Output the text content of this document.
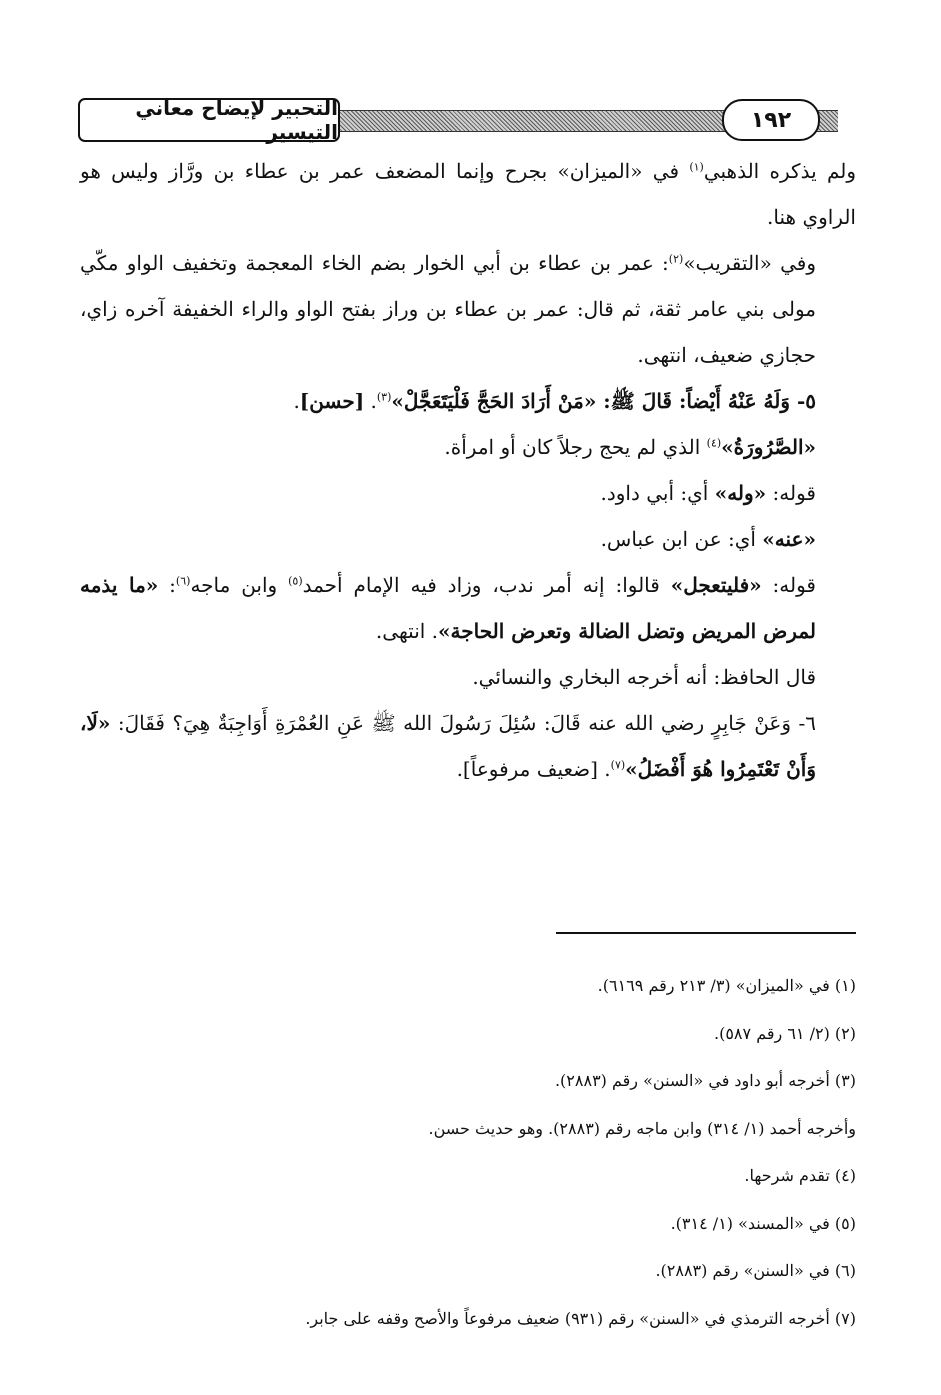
التحبير لإيضاح معاني التيسير	١٩٢

ولم يذكره الذهبي$^{(١)}$ في «الميزان» بجرح وإنما المضعف عمر بن عطاء بن ورَّاز وليس هو الراوي هنا.

وفي «التقريب»$^{(٢)}$: عمر بن عطاء بن أبي الخوار بضم الخاء المعجمة وتخفيف الواو مكّي مولى بني عامر ثقة، ثم قال: عمر بن عطاء بن وراز بفتح الواو والراء الخفيفة آخره زاي، حجازي ضعيف، انتهى.

٥- وَلَهُ عَنْهُ أَيْضاً: قَالَ ﷺ: «مَنْ أَرَادَ الحَجَّ فَلْيَتَعَجَّلْ»$^{(٣)}$. [حسن].

«الصَّرُورَةُ»$^{(٤)}$ الذي لم يحج رجلاً كان أو امرأة.

قوله: «وله» أي: أبي داود.

«عنه» أي: عن ابن عباس.

قوله: «فليتعجل» قالوا: إنه أمر ندب، وزاد فيه الإمام أحمد$^{(٥)}$ وابن ماجه$^{(٦)}$: «ما يذمه لمرض المريض وتضل الضالة وتعرض الحاجة». انتهى.

قال الحافظ: أنه أخرجه البخاري والنسائي.

٦- وَعَنْ جَابِرٍ رضي الله عنه قَالَ: سُئِلَ رَسُولَ الله ﷺ عَنِ العُمْرَةِ أَوَاجِبَةٌ هِيَ؟ فَقَالَ: «لَا، وَأَنْ تَعْتَمِرُوا هُوَ أَفْضَلُ»$^{(٧)}$. [ضعيف مرفوعاً].

(١) في «الميزان» (٣/ ٢١٣ رقم ٦١٦٩).

(٢) (٢/ ٦١ رقم ٥٨٧).

(٣) أخرجه أبو داود في «السنن» رقم (٢٨٨٣).

وأخرجه أحمد (١/ ٣١٤) وابن ماجه رقم (٢٨٨٣). وهو حديث حسن.

(٤) تقدم شرحها.

(٥) في «المسند» (١/ ٣١٤).

(٦) في «السنن» رقم (٢٨٨٣).

(٧) أخرجه الترمذي في «السنن» رقم (٩٣١) ضعيف مرفوعاً والأصح وقفه على جابر.
